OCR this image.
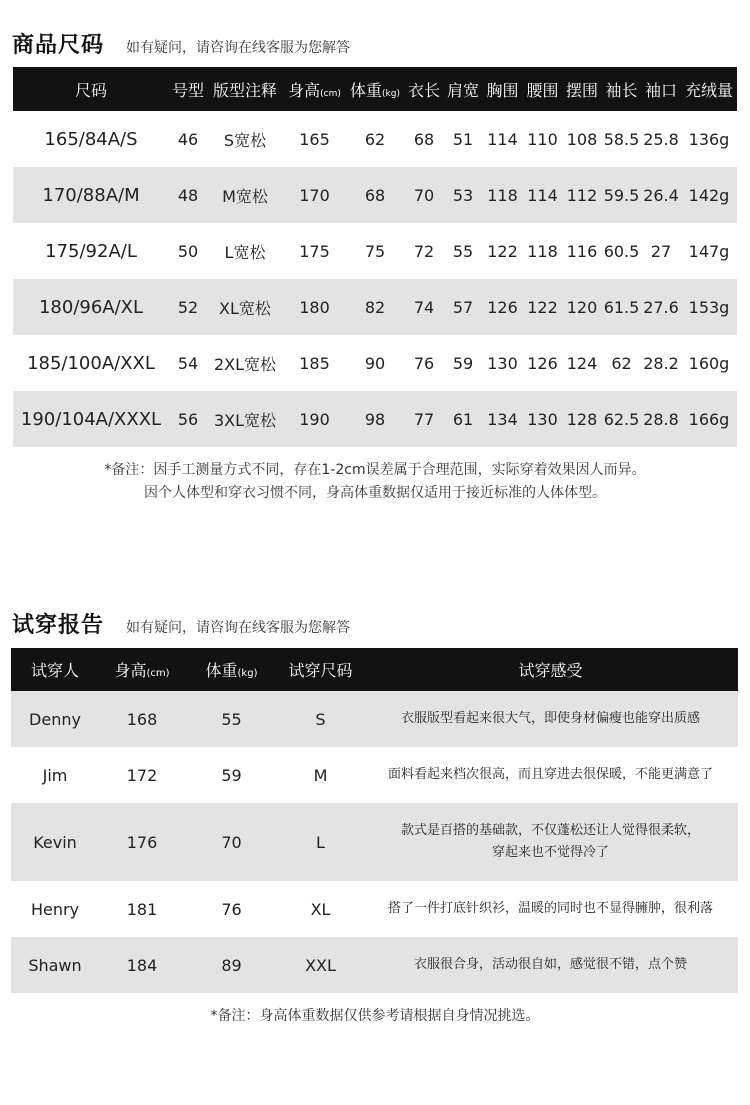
商品尺码 如有疑问，请咨询在线客服为您解答
尺码	号型	版型注释	身高(cm)	体重(kg)	衣长	肩宽	胸围	腰围	摆围	袖长	袖口	充绒量
165/84A/S	46	S宽松	165	62	68	51	114	110	108	58.5	25.8	136g
170/88A/M	48	M宽松	170	68	70	53	118	114	112	59.5	26.4	142g
175/92A/L	50	L宽松	175	75	72	55	122	118	116	60.5	27	147g
180/96A/XL	52	XL宽松	180	82	74	57	126	122	120	61.5	27.6	153g
185/100A/XXL	54	2XL宽松	185	90	76	59	130	126	124	62	28.2	160g
190/104A/XXXL	56	3XL宽松	190	98	77	61	134	130	128	62.5	28.8	166g
*备注：因手工测量方式不同，存在1-2cm误差属于合理范围，实际穿着效果因人而异。
因个人体型和穿衣习惯不同，身高体重数据仅适用于接近标准的人体体型。
试穿报告 如有疑问，请咨询在线客服为您解答
试穿人	身高(cm)	体重(kg)	试穿尺码	试穿感受
Denny	168	55	S	衣服版型看起来很大气，即使身材偏瘦也能穿出质感
Jim	172	59	M	面料看起来档次很高，而且穿进去很保暖，不能更满意了
Kevin	176	70	L	款式是百搭的基础款，不仅蓬松还让人觉得很柔软，
穿起来也不觉得冷了
Henry	181	76	XL	搭了一件打底针织衫，温暖的同时也不显得臃肿，很利落
Shawn	184	89	XXL	衣服很合身，活动很自如，感觉很不错，点个赞
*备注：身高体重数据仅供参考请根据自身情况挑选。
